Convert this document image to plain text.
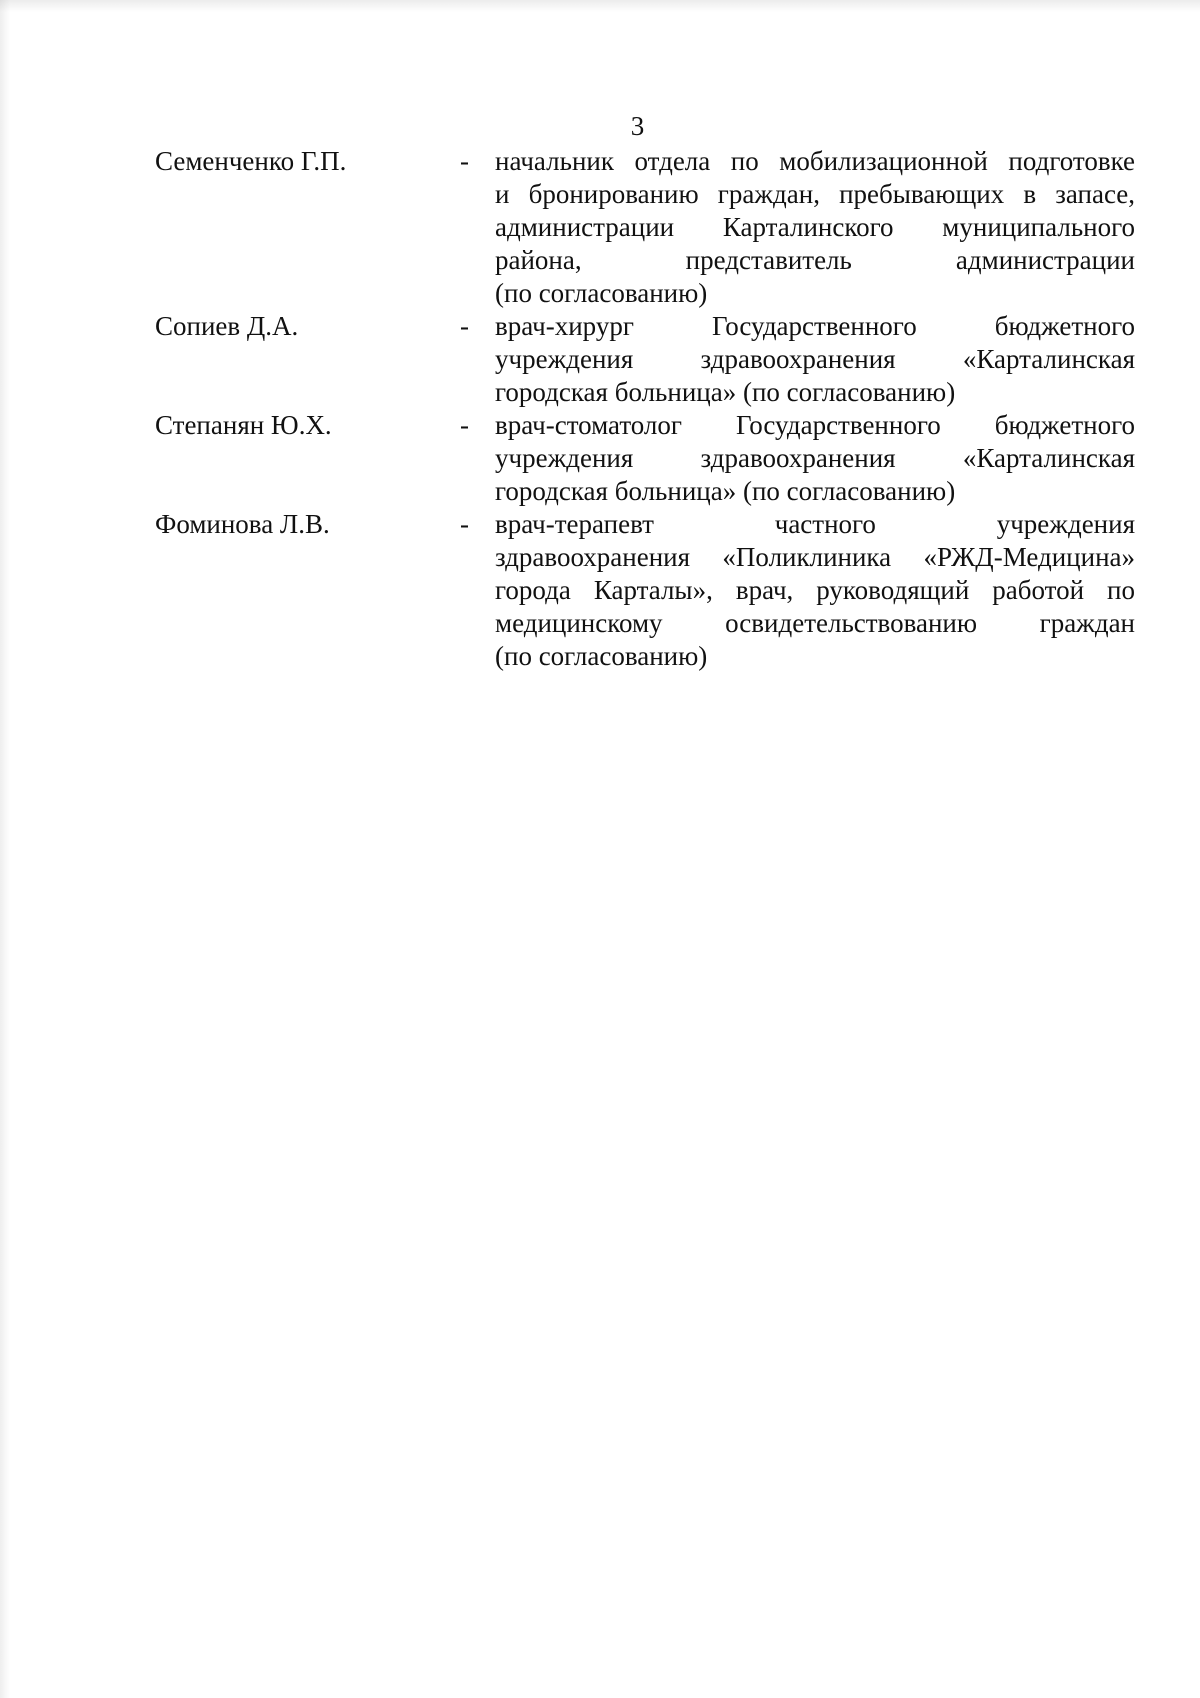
3
Семенченко Г.П.	- начальник отдела по мобилизационной подготовке
и бронированию граждан, пребывающих в запасе,
администрации Карталинского муниципального
района, представитель администрации
(по согласованию)
Сопиев Д.А.	- врач-хирург Государственного бюджетного
учреждения здравоохранения «Карталинская
городская больница» (по согласованию)
Степанян Ю.Х.	- врач-стоматолог Государственного бюджетного
учреждения здравоохранения «Карталинская
городская больница» (по согласованию)
Фоминова Л.В.	- врач-терапевт частного учреждения
здравоохранения «Поликлиника «РЖД-Медицина»
города Карталы», врач, руководящий работой по
медицинскому освидетельствованию граждан
(по согласованию)
